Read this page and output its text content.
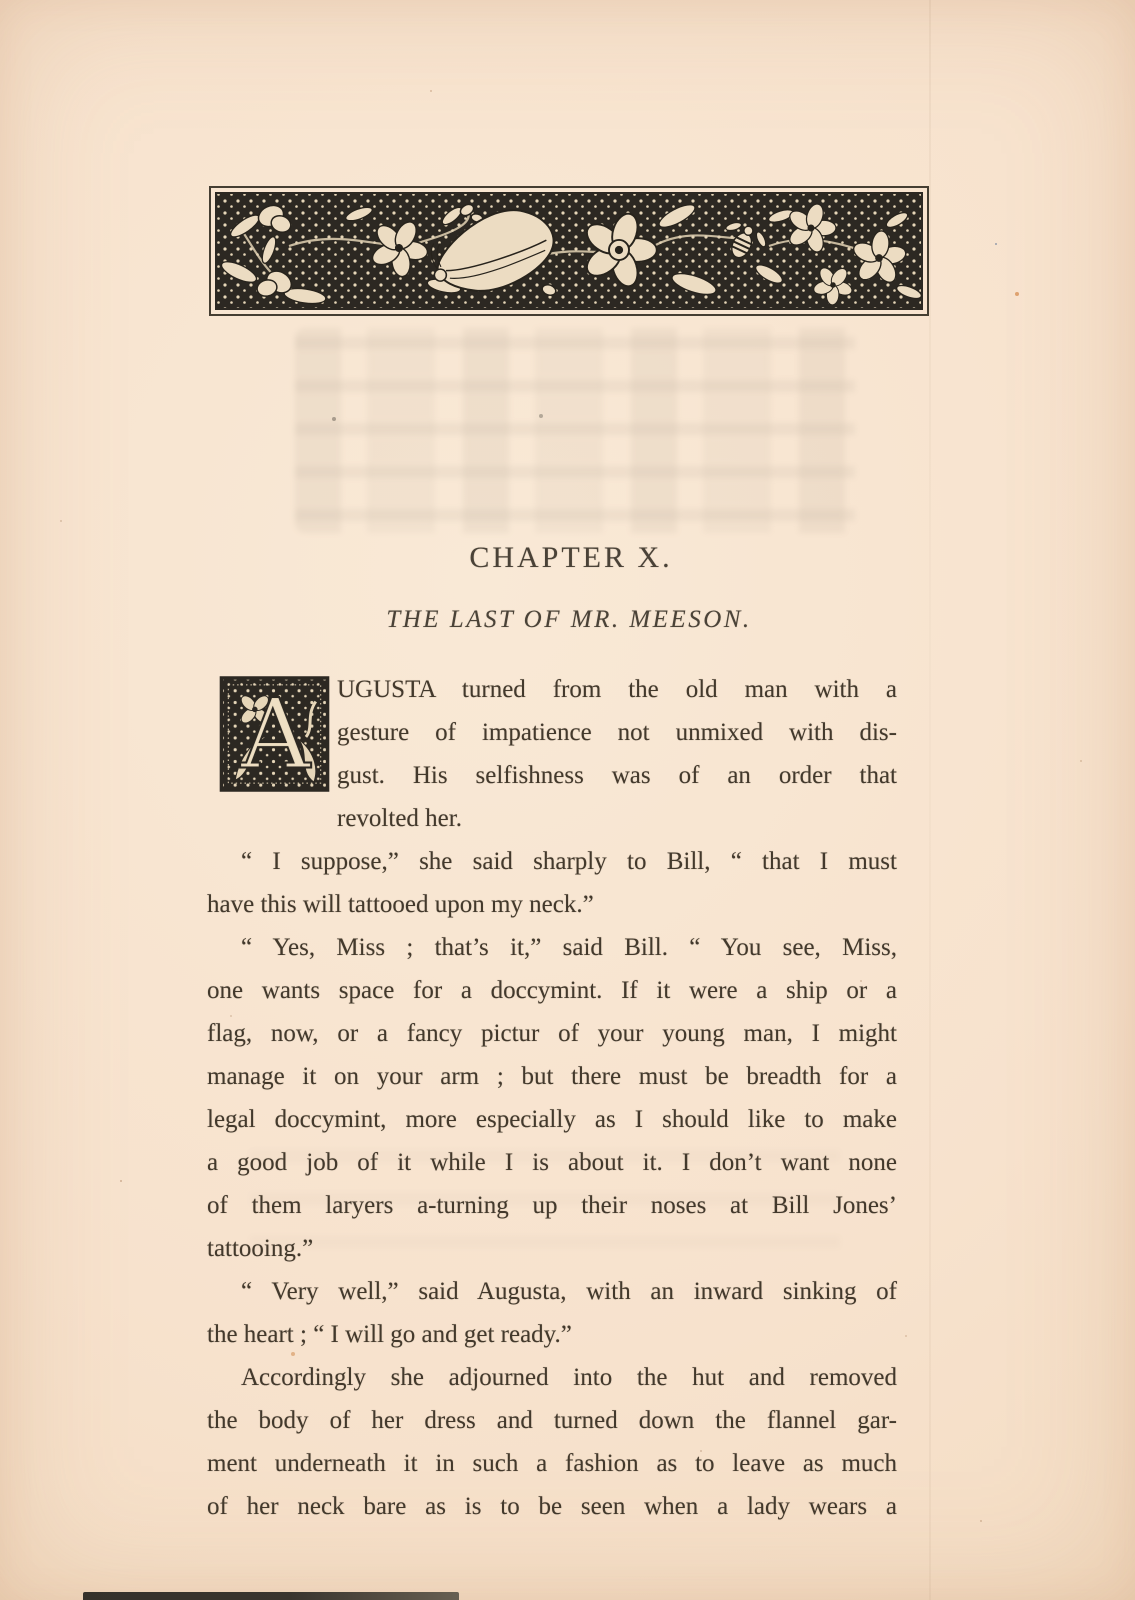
CHAPTER X.
THE LAST OF MR. MEESON.
A UGUSTA turned from the old man with a
gesture of impatience not unmixed with dis-
gust. His selfishness was of an order that
revolted her.
“ I suppose,” she said sharply to Bill, “ that I must
have this will tattooed upon my neck.”
“ Yes, Miss ; that’s it,” said Bill. “ You see, Miss,
one wants space for a doccymint. If it were a ship or a
flag, now, or a fancy pictur of your young man, I might
manage it on your arm ; but there must be breadth for a
legal doccymint, more especially as I should like to make
a good job of it while I is about it. I don’t want none
of them laryers a-turning up their noses at Bill Jones’
tattooing.”
“ Very well,” said Augusta, with an inward sinking of
the heart ; “ I will go and get ready.”
Accordingly she adjourned into the hut and removed
the body of her dress and turned down the flannel gar-
ment underneath it in such a fashion as to leave as much
of her neck bare as is to be seen when a lady wears a
